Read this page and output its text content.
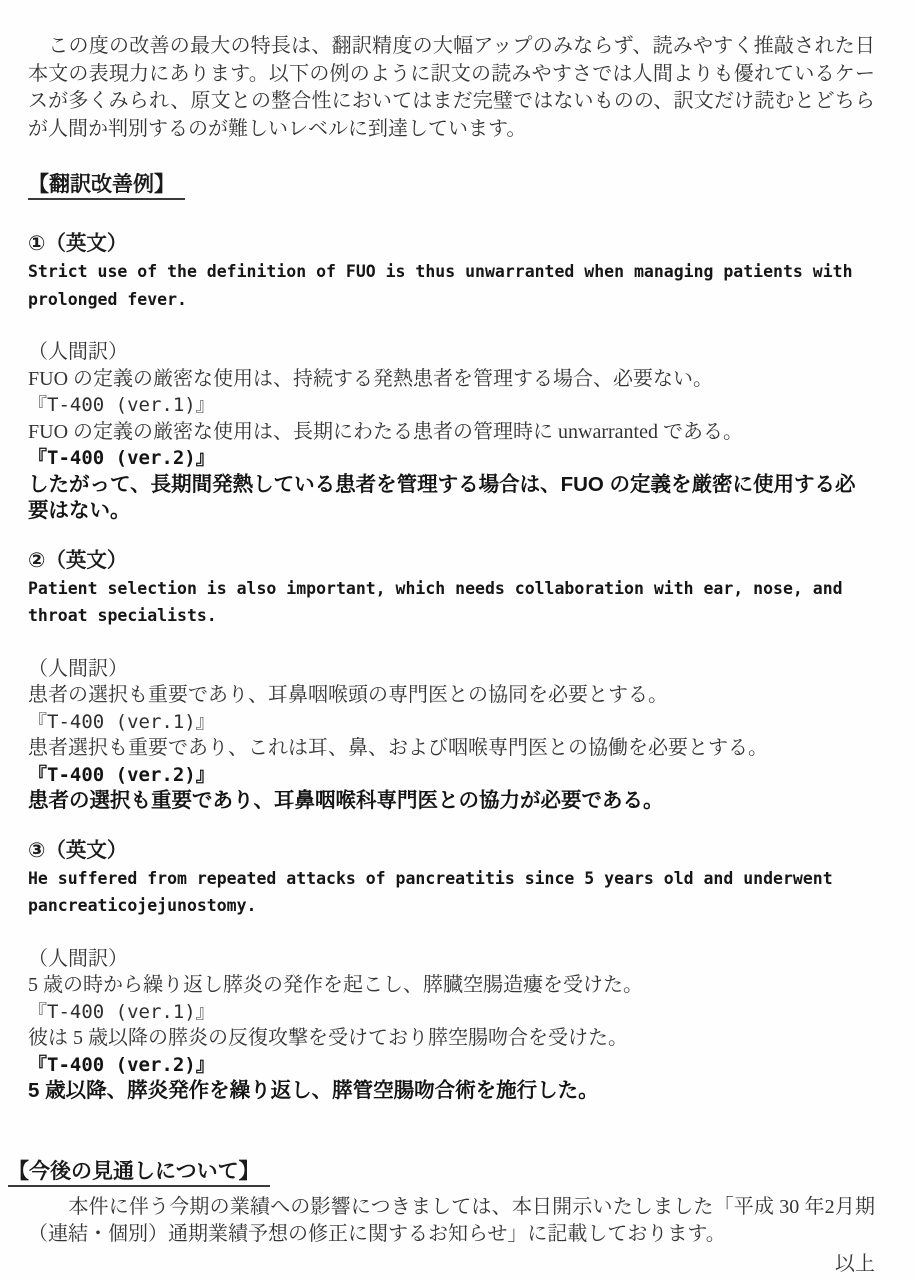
　この度の改善の最大の特長は、翻訳精度の大幅アップのみならず、読みやすく推敲された日本文の表現力にあります。以下の例のように訳文の読みやすさでは人間よりも優れているケースが多くみられ、原文との整合性においてはまだ完璧ではないものの、訳文だけ読むとどちらが人間か判別するのが難しいレベルに到達しています。

【翻訳改善例】
①（英文）
Strict use of the definition of FUO is thus unwarranted when managing patients with prolonged fever.
（人間訳）
FUO の定義の厳密な使用は、持続する発熱患者を管理する場合、必要ない。
『T-400 (ver.1)』
FUO の定義の厳密な使用は、長期にわたる患者の管理時に unwarranted である。
『T-400 (ver.2)』
したがって、長期間発熱している患者を管理する場合は、FUO の定義を厳密に使用する必要はない。
②（英文）
Patient selection is also important, which needs collaboration with ear, nose, and throat specialists.
（人間訳）
患者の選択も重要であり、耳鼻咽喉頭の専門医との協同を必要とする。
『T-400 (ver.1)』
患者選択も重要であり、これは耳、鼻、および咽喉専門医との協働を必要とする。
『T-400 (ver.2)』
患者の選択も重要であり、耳鼻咽喉科専門医との協力が必要である。
③（英文）
He suffered from repeated attacks of pancreatitis since 5 years old and underwent pancreaticojejunostomy.
（人間訳）
5 歳の時から繰り返し膵炎の発作を起こし、膵臓空腸造瘻を受けた。
『T-400 (ver.1)』
彼は 5 歳以降の膵炎の反復攻撃を受けており膵空腸吻合を受けた。
『T-400 (ver.2)』
5 歳以降、膵炎発作を繰り返し、膵管空腸吻合術を施行した。
【今後の見通しについて】

　　本件に伴う今期の業績への影響につきましては、本日開示いたしました「平成 30 年2月期（連結・個別）通期業績予想の修正に関するお知らせ」に記載しております。

以上
